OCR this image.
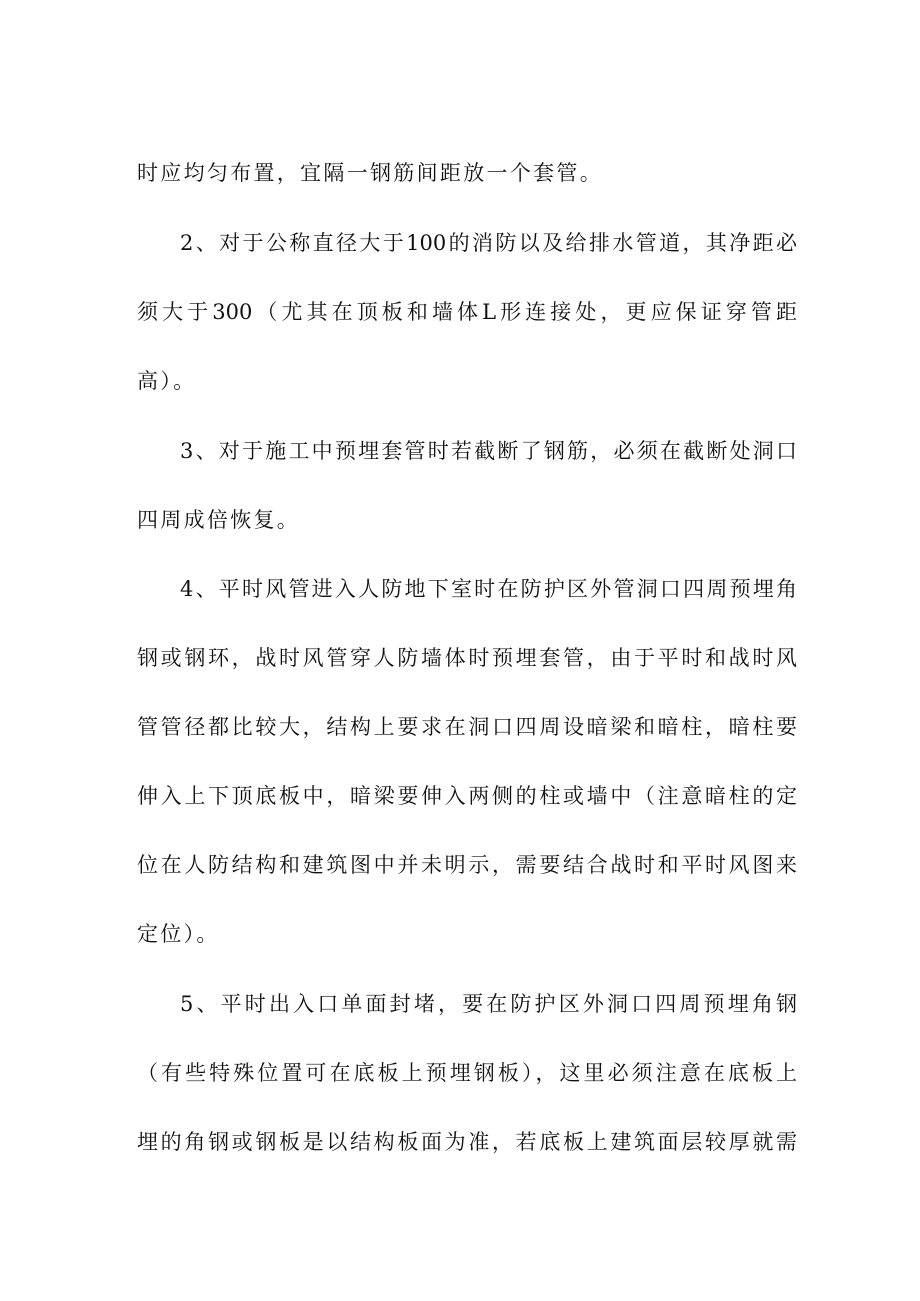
时应均匀布置，宜隔一钢筋间距放一个套管。
2、对于公称直径大于100的消防以及给排水管道，其净距必
须大于300（尤其在顶板和墙体L形连接处，更应保证穿管距
高）。
3、对于施工中预埋套管时若截断了钢筋，必须在截断处洞口
四周成倍恢复。
4、平时风管进入人防地下室时在防护区外管洞口四周预埋角
钢或钢环，战时风管穿人防墙体时预埋套管，由于平时和战时风
管管径都比较大，结构上要求在洞口四周设暗梁和暗柱，暗柱要
伸入上下顶底板中，暗梁要伸入两侧的柱或墙中（注意暗柱的定
位在人防结构和建筑图中并未明示，需要结合战时和平时风图来
定位）。
5、平时出入口单面封堵，要在防护区外洞口四周预埋角钢
（有些特殊位置可在底板上预埋钢板），这里必须注意在底板上
埋的角钢或钢板是以结构板面为准，若底板上建筑面层较厚就需
